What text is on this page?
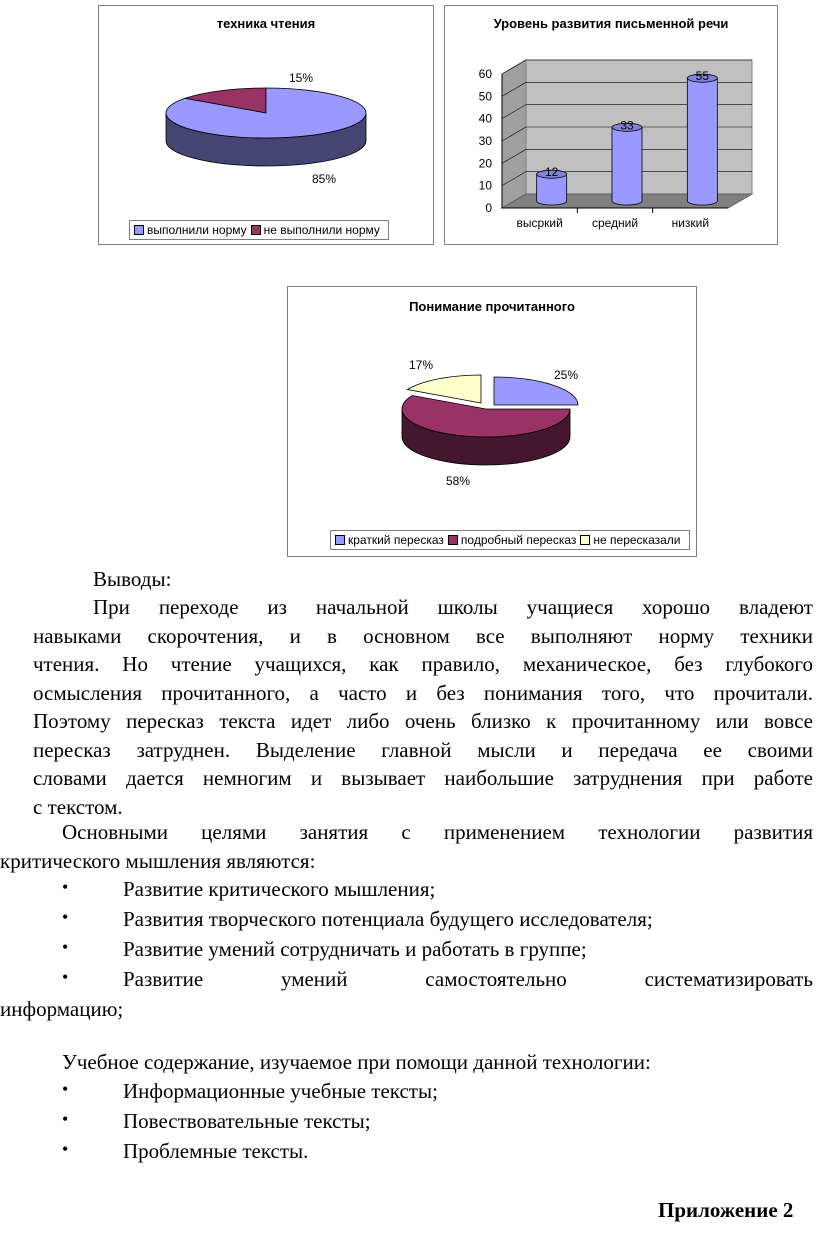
техника чтения
15%
85%
выполнили норму не выполнили норму
Уровень развития письменной речи
0
10
20
30
40
50
60
12
33
55
высркий средний	низкий
Понимание прочитанного
25%
58%
17%
краткий пересказ подробный пересказ не пересказали
Выводы:
При переходе из начальной школы учащиеся хорошо владеют
навыками скорочтения, и в основном все выполняют норму техники
чтения. Но чтение учащихся, как правило, механическое, без глубокого
осмысления прочитанного, а часто и без понимания того, что прочитали.
Поэтому пересказ текста идет либо очень близко к прочитанному или вовсе
пересказ затруднен. Выделение главной мысли и передача ее своими
словами дается немногим и вызывает наибольшие затруднения при работе
с текстом.
Основными целями занятия с применением технологии развития
критического мышления являются:
•	Развитие критического мышления;
•	Развития творческого потенциала будущего исследователя;
•	Развитие умений сотрудничать и работать в группе;
•	Развитие умений самостоятельно систематизировать
информацию;
Учебное содержание, изучаемое при помощи данной технологии:
•	Информационные учебные тексты;
•	Повествовательные тексты;
•	Проблемные тексты.
Приложение 2
